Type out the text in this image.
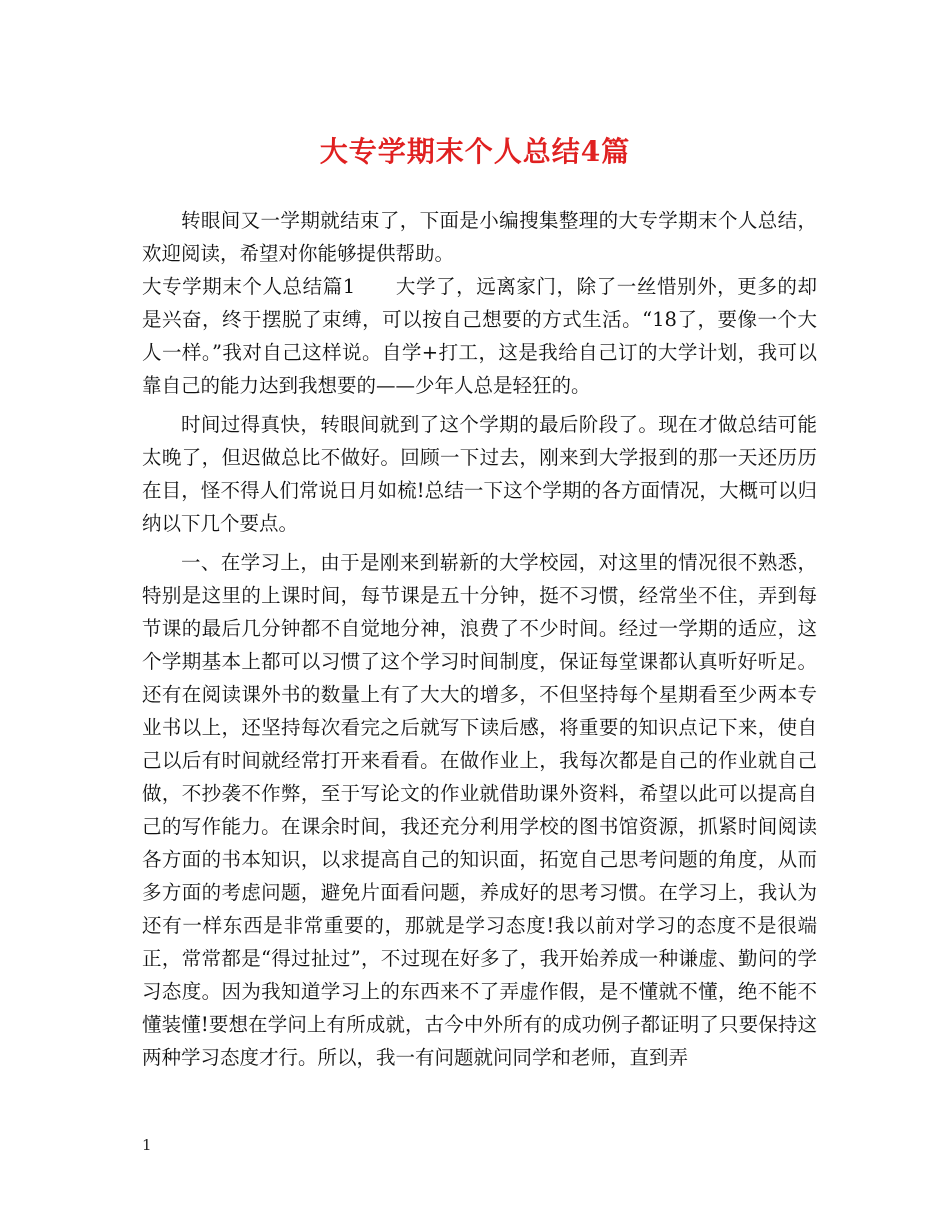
大专学期末个人总结4篇

转眼间又一学期就结束了，下面是小编搜集整理的大专学期末个人总结，欢迎阅读，希望对你能够提供帮助。

大专学期末个人总结篇1　　大学了，远离家门，除了一丝惜别外，更多的却是兴奋，终于摆脱了束缚，可以按自己想要的方式生活。“18了，要像一个大人一样。”我对自己这样说。自学+打工，这是我给自己订的大学计划，我可以靠自己的能力达到我想要的——少年人总是轻狂的。

时间过得真快，转眼间就到了这个学期的最后阶段了。现在才做总结可能太晚了，但迟做总比不做好。回顾一下过去，刚来到大学报到的那一天还历历在目，怪不得人们常说日月如梳!总结一下这个学期的各方面情况，大概可以归纳以下几个要点。

一、在学习上，由于是刚来到崭新的大学校园，对这里的情况很不熟悉，特别是这里的上课时间，每节课是五十分钟，挺不习惯，经常坐不住，弄到每节课的最后几分钟都不自觉地分神，浪费了不少时间。经过一学期的适应，这个学期基本上都可以习惯了这个学习时间制度，保证每堂课都认真听好听足。还有在阅读课外书的数量上有了大大的增多，不但坚持每个星期看至少两本专业书以上，还坚持每次看完之后就写下读后感，将重要的知识点记下来，使自己以后有时间就经常打开来看看。在做作业上，我每次都是自己的作业就自己做，不抄袭不作弊，至于写论文的作业就借助课外资料，希望以此可以提高自己的写作能力。在课余时间，我还充分利用学校的图书馆资源，抓紧时间阅读各方面的书本知识，以求提高自己的知识面，拓宽自己思考问题的角度，从而多方面的考虑问题，避免片面看问题，养成好的思考习惯。在学习上，我认为还有一样东西是非常重要的，那就是学习态度!我以前对学习的态度不是很端正，常常都是“得过扯过”，不过现在好多了，我开始养成一种谦虚、勤问的学习态度。因为我知道学习上的东西来不了弄虚作假，是不懂就不懂，绝不能不懂装懂!要想在学问上有所成就，古今中外所有的成功例子都证明了只要保持这两种学习态度才行。所以，我一有问题就问同学和老师，直到弄

1
